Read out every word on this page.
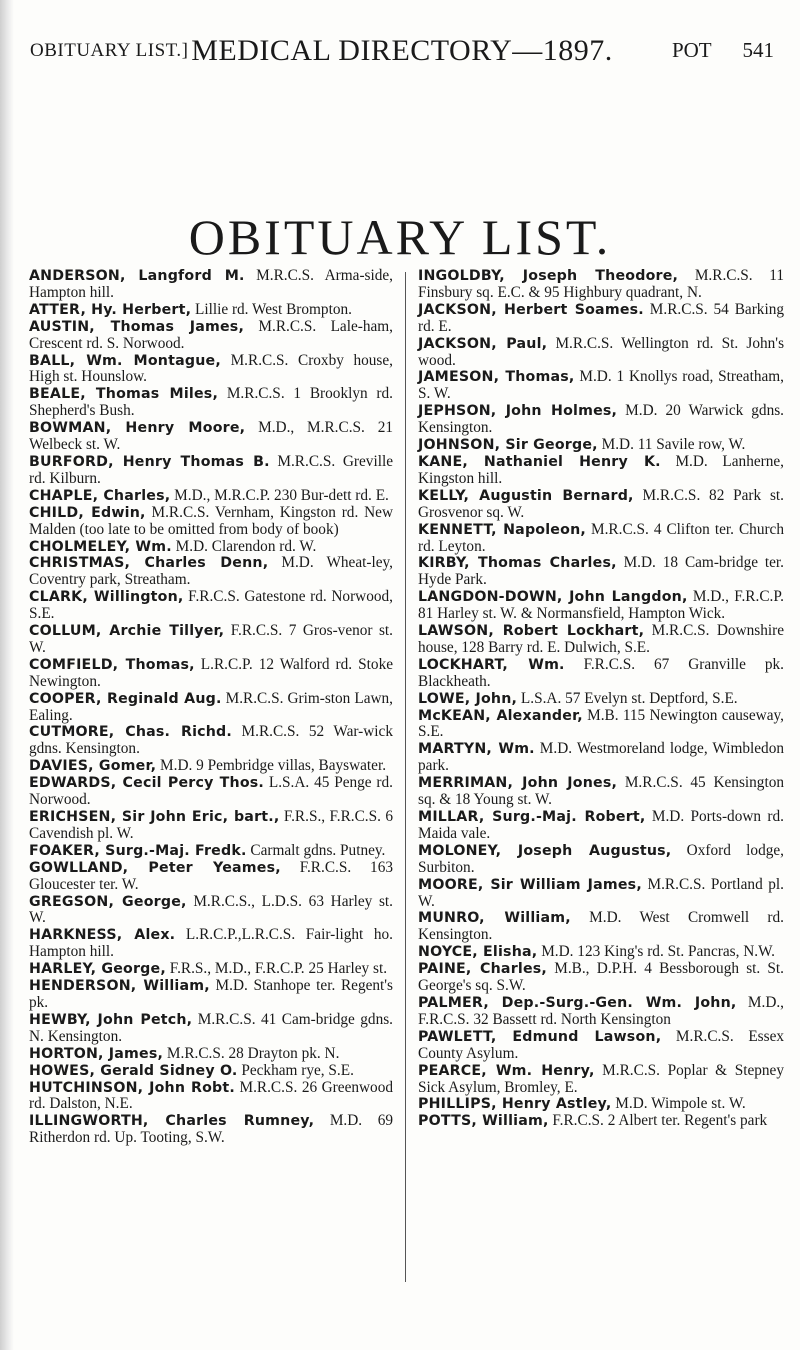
OBITUARY LIST.] MEDICAL DIRECTORY—1897.	POT 541
OBITUARY LIST.

ANDERSON, Langford M. M.R.C.S. Arma-side, Hampton hill.

ATTER, Hy. Herbert, Lillie rd. West Brompton.

AUSTIN, Thomas James, M.R.C.S. Lale-ham, Crescent rd. S. Norwood.

BALL, Wm. Montague, M.R.C.S. Croxby house, High st. Hounslow.

BEALE, Thomas Miles, M.R.C.S. 1 Brooklyn rd. Shepherd's Bush.

BOWMAN, Henry Moore, M.D., M.R.C.S. 21 Welbeck st. W.

BURFORD, Henry Thomas B. M.R.C.S. Greville rd. Kilburn.

CHAPLE, Charles, M.D., M.R.C.P. 230 Bur-dett rd. E.

CHILD, Edwin, M.R.C.S. Vernham, Kingston rd. New Malden (too late to be omitted from body of book)

CHOLMELEY, Wm. M.D. Clarendon rd. W.

CHRISTMAS, Charles Denn, M.D. Wheat-ley, Coventry park, Streatham.

CLARK, Willington, F.R.C.S. Gatestone rd. Norwood, S.E.

COLLUM, Archie Tillyer, F.R.C.S. 7 Gros-venor st. W.

COMFIELD, Thomas, L.R.C.P. 12 Walford rd. Stoke Newington.

COOPER, Reginald Aug. M.R.C.S. Grim-ston Lawn, Ealing.

CUTMORE, Chas. Richd. M.R.C.S. 52 War-wick gdns. Kensington.

DAVIES, Gomer, M.D. 9 Pembridge villas, Bayswater.

EDWARDS, Cecil Percy Thos. L.S.A. 45 Penge rd. Norwood.

ERICHSEN, Sir John Eric, bart., F.R.S., F.R.C.S. 6 Cavendish pl. W.

FOAKER, Surg.-Maj. Fredk. Carmalt gdns. Putney.

GOWLLAND, Peter Yeames, F.R.C.S. 163 Gloucester ter. W.

GREGSON, George, M.R.C.S., L.D.S. 63 Harley st. W.

HARKNESS, Alex. L.R.C.P.,L.R.C.S. Fair-light ho. Hampton hill.

HARLEY, George, F.R.S., M.D., F.R.C.P. 25 Harley st.

HENDERSON, William, M.D. Stanhope ter. Regent's pk.

HEWBY, John Petch, M.R.C.S. 41 Cam-bridge gdns. N. Kensington.

HORTON, James, M.R.C.S. 28 Drayton pk. N.

HOWES, Gerald Sidney O. Peckham rye, S.E.

HUTCHINSON, John Robt. M.R.C.S. 26 Greenwood rd. Dalston, N.E.

ILLINGWORTH, Charles Rumney, M.D. 69 Ritherdon rd. Up. Tooting, S.W.

INGOLDBY, Joseph Theodore, M.R.C.S. 11 Finsbury sq. E.C. & 95 Highbury quadrant, N.

JACKSON, Herbert Soames. M.R.C.S. 54 Barking rd. E.

JACKSON, Paul, M.R.C.S. Wellington rd. St. John's wood.

JAMESON, Thomas, M.D. 1 Knollys road, Streatham, S. W.

JEPHSON, John Holmes, M.D. 20 Warwick gdns. Kensington.

JOHNSON, Sir George, M.D. 11 Savile row, W.

KANE, Nathaniel Henry K. M.D. Lanherne, Kingston hill.

KELLY, Augustin Bernard, M.R.C.S. 82 Park st. Grosvenor sq. W.

KENNETT, Napoleon, M.R.C.S. 4 Clifton ter. Church rd. Leyton.

KIRBY, Thomas Charles, M.D. 18 Cam-bridge ter. Hyde Park.

LANGDON-DOWN, John Langdon, M.D., F.R.C.P. 81 Harley st. W. & Normansfield, Hampton Wick.

LAWSON, Robert Lockhart, M.R.C.S. Downshire house, 128 Barry rd. E. Dulwich, S.E.

LOCKHART, Wm. F.R.C.S. 67 Granville pk. Blackheath.

LOWE, John, L.S.A. 57 Evelyn st. Deptford, S.E.

McKEAN, Alexander, M.B. 115 Newington causeway, S.E.

MARTYN, Wm. M.D. Westmoreland lodge, Wimbledon park.

MERRIMAN, John Jones, M.R.C.S. 45 Kensington sq. & 18 Young st. W.

MILLAR, Surg.-Maj. Robert, M.D. Ports-down rd. Maida vale.

MOLONEY, Joseph Augustus, Oxford lodge, Surbiton.

MOORE, Sir William James, M.R.C.S. Portland pl. W.

MUNRO, William, M.D. West Cromwell rd. Kensington.

NOYCE, Elisha, M.D. 123 King's rd. St. Pancras, N.W.

PAINE, Charles, M.B., D.P.H. 4 Bessborough st. St. George's sq. S.W.

PALMER, Dep.-Surg.-Gen. Wm. John, M.D., F.R.C.S. 32 Bassett rd. North Kensington

PAWLETT, Edmund Lawson, M.R.C.S. Essex County Asylum.

PEARCE, Wm. Henry, M.R.C.S. Poplar & Stepney Sick Asylum, Bromley, E.

PHILLIPS, Henry Astley, M.D. Wimpole st. W.

POTTS, William, F.R.C.S. 2 Albert ter. Regent's park
